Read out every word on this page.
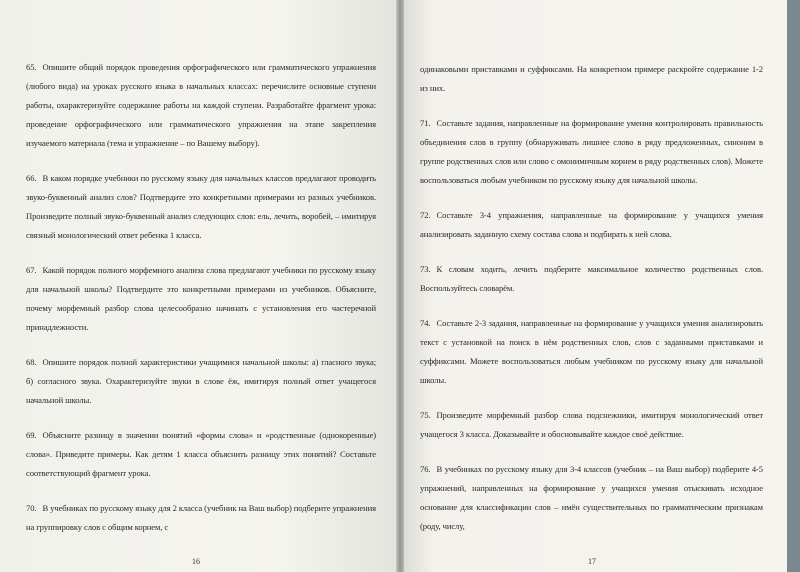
65. Опишите общий порядок проведения орфографического или грамматического упражнения (любого вида) на уроках русского языка в начальных классах: перечислите основные ступени работы, охарактеризуйте содержание работы на каждой ступени. Разработайте фрагмент урока: проведение орфографического или грамматического упражнения на этапе закрепления изучаемого материала (тема и упражнение – по Вашему выбору).

66. В каком порядке учебники по русскому языку для начальных классов предлагают проводить звуко-буквенный анализ слов? Подтвердите это конкретными примерами из разных учебников. Произведите полный звуко-буквенный анализ следующих слов: ель, лечить, воробей, – имитируя связный монологический ответ ребенка 1 класса.

67. Какой порядок полного морфемного анализа слова предлагают учебники по русскому языку для начальной школы? Подтвердите это конкретными примерами из учебников. Объясните, почему морфемный разбор слова целесообразно начинать с установления его частеречной принадлежности.

68. Опишите порядок полной характеристики учащимися начальной школы: а) гласного звука; б) согласного звука. Охарактеризуйте звуки в слове ёж, имитируя полный ответ учащегося начальной школы.

69. Объясните разницу в значении понятий «формы слова» и «родственные (однокоренные) слова». Приведите примеры. Как детям 1 класса объяснить разницу этих понятий? Составьте соответствующий фрагмент урока.

70. В учебниках по русскому языку для 2 класса (учебник на Ваш выбор) подберите упражнения на группировку слов с общим корнем, с

16

одинаковыми приставками и суффиксами. На конкретном примере раскройте содержание 1-2 из них.

71. Составьте задания, направленные на формирование умения контролировать правильность объединения слов в группу (обнаруживать лишнее слово в ряду предложенных, синоним в группе родственных слов или слово с омонимичным корнем в ряду родственных слов). Можете воспользоваться любым учебником по русскому языку для начальной школы.

72. Составьте 3-4 упражнения, направленные на формирование у учащихся умения анализировать заданную схему состава слова и подбирать к ней слова.

73. К словам ходить, лечить подберите максимальное количество родственных слов. Воспользуйтесь словарём.

74. Составьте 2-3 задания, направленные на формирование у учащихся умения анализировать текст с установкой на поиск в нём родственных слов, слов с заданными приставками и суффиксами. Можете воспользоваться любым учебником по русскому языку для начальной школы.

75. Произведите морфемный разбор слова подснежники, имитируя монологический ответ учащегося 3 класса. Доказывайте и обосновывайте каждое своё действие.

76. В учебниках по русскому языку для 3-4 классов (учебник – на Ваш выбор) подберите 4-5 упражнений, направленных на формирование у учащихся умения отыскивать исходное основание для классификации слов – имён существительных по грамматическим признакам (роду, числу,

17
